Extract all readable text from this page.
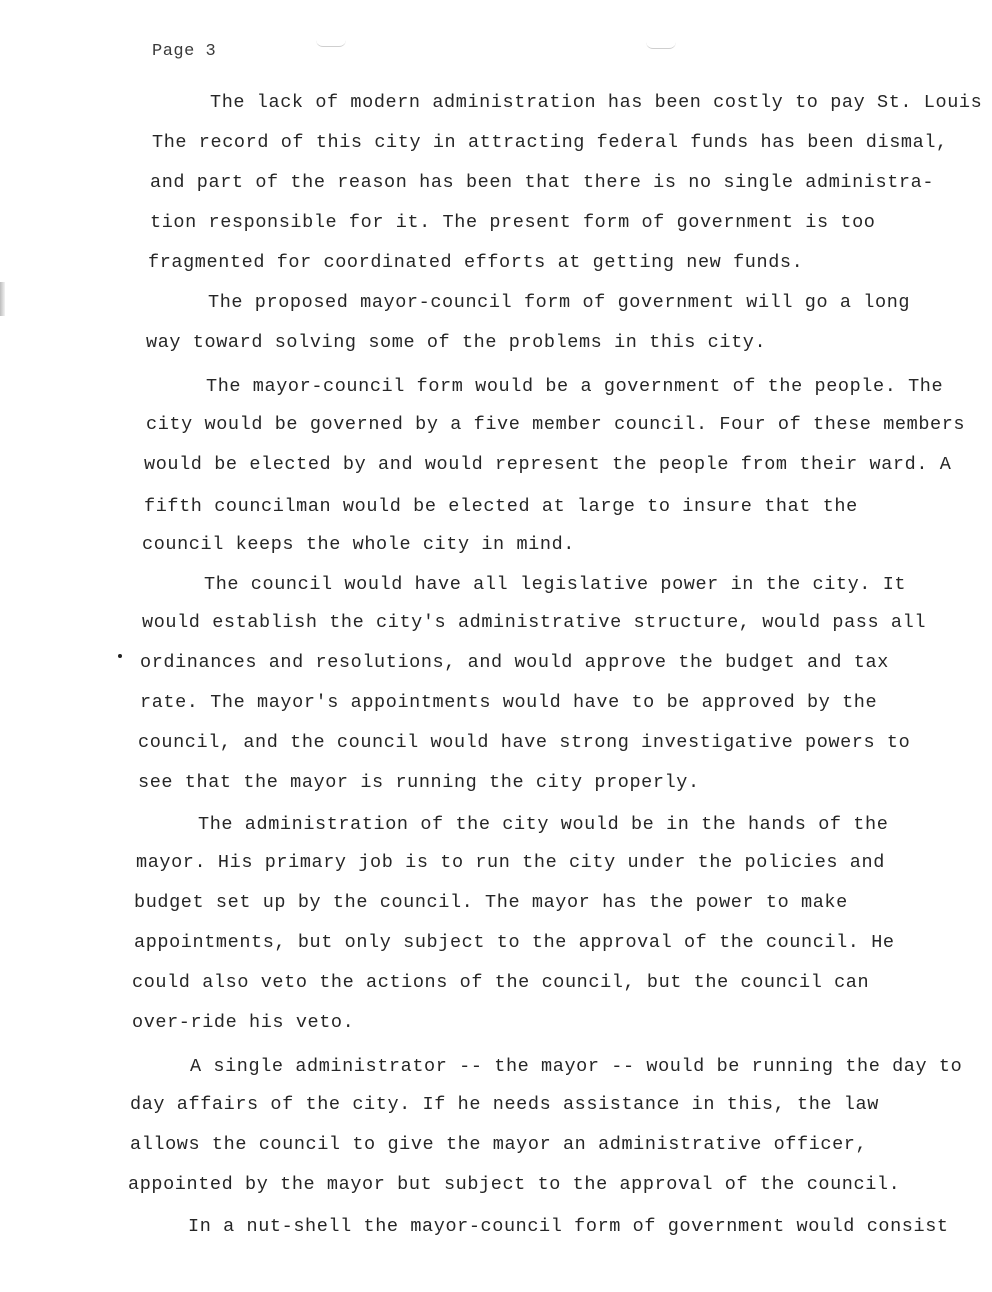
Page 3
The lack of modern administration has been costly to pay St. Louis
The record of this city in attracting federal funds has been dismal,
and part of the reason has been that there is no single administra-
tion responsible for it. The present form of government is too
fragmented for coordinated efforts at getting new funds.
The proposed mayor-council form of government will go a long
way toward solving some of the problems in this city.
The mayor-council form would be a government of the people. The
city would be governed by a five member council. Four of these members
would be elected by and would represent the people from their ward. A
fifth councilman would be elected at large to insure that the
council keeps the whole city in mind.
The council would have all legislative power in the city. It
would establish the city's administrative structure, would pass all
ordinances and resolutions, and would approve the budget and tax
rate. The mayor's appointments would have to be approved by the
council, and the council would have strong investigative powers to
see that the mayor is running the city properly.
The administration of the city would be in the hands of the
mayor. His primary job is to run the city under the policies and
budget set up by the council. The mayor has the power to make
appointments, but only subject to the approval of the council. He
could also veto the actions of the council, but the council can
over-ride his veto.
A single administrator -- the mayor -- would be running the day to
day affairs of the city. If he needs assistance in this, the law
allows the council to give the mayor an administrative officer,
appointed by the mayor but subject to the approval of the council.
In a nut-shell the mayor-council form of government would consist
